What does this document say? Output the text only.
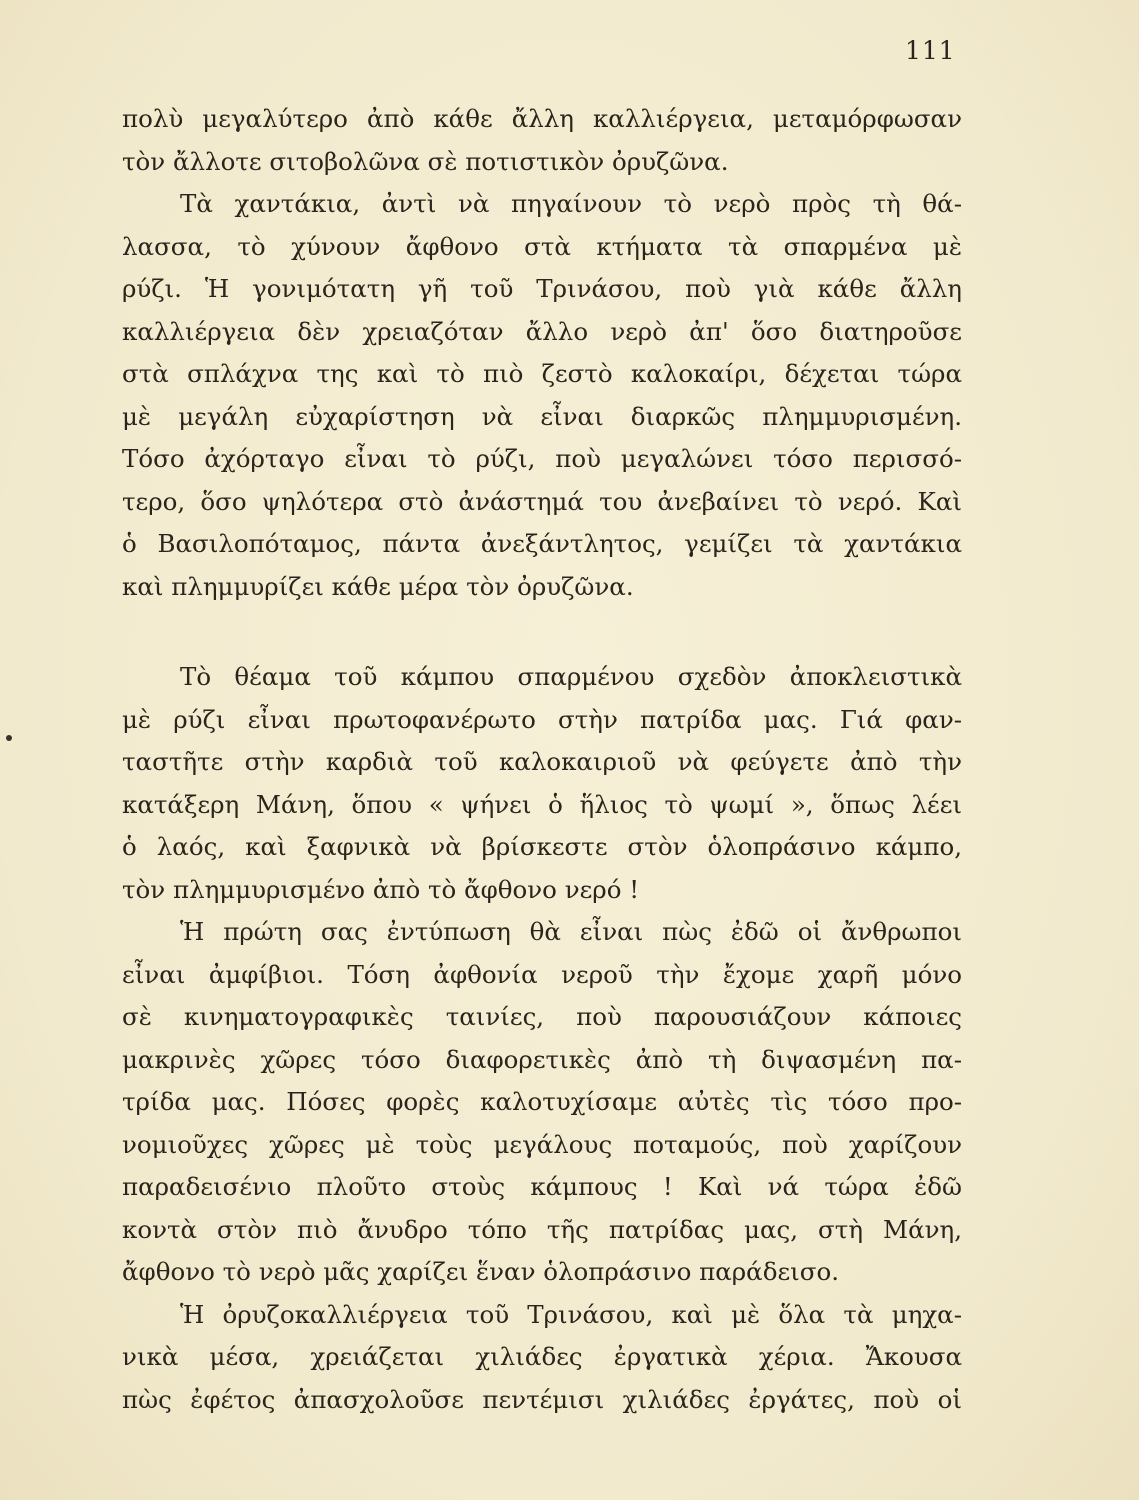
111
πολὺ μεγαλύτερο ἀπὸ κάθε ἄλλη καλλιέργεια, μεταμόρφωσαν
τὸν ἄλλοτε σιτοβολῶνα σὲ ποτιστικὸν ὀρυζῶνα.
Τὰ χαντάκια, ἀντὶ νὰ πηγαίνουν τὸ νερὸ πρὸς τὴ θά-
λασσα, τὸ χύνουν ἄφθονο στὰ κτήματα τὰ σπαρμένα μὲ
ρύζι. Ἡ γονιμότατη γῆ τοῦ Τρινάσου, ποὺ γιὰ κάθε ἄλλη
καλλιέργεια δὲν χρειαζόταν ἄλλο νερὸ ἀπ' ὅσο διατηροῦσε
στὰ σπλάχνα της καὶ τὸ πιὸ ζεστὸ καλοκαίρι, δέχεται τώρα
μὲ μεγάλη εὐχαρίστηση νὰ εἶναι διαρκῶς πλημμυρισμένη.
Τόσο ἀχόρταγο εἶναι τὸ ρύζι, ποὺ μεγαλώνει τόσο περισσό-
τερο, ὅσο ψηλότερα στὸ ἀνάστημά του ἀνεβαίνει τὸ νερό. Καὶ
ὁ Βασιλοπόταμος, πάντα ἀνεξάντλητος, γεμίζει τὰ χαντάκια
καὶ πλημμυρίζει κάθε μέρα τὸν ὀρυζῶνα.
Τὸ θέαμα τοῦ κάμπου σπαρμένου σχεδὸν ἀποκλειστικὰ
μὲ ρύζι εἶναι πρωτοφανέρωτο στὴν πατρίδα μας. Γιά φαν-
ταστῆτε στὴν καρδιὰ τοῦ καλοκαιριοῦ νὰ φεύγετε ἀπὸ τὴν
κατάξερη Μάνη, ὅπου « ψήνει ὁ ἥλιος τὸ ψωμί », ὅπως λέει
ὁ λαός, καὶ ξαφνικὰ νὰ βρίσκεστε στὸν ὁλοπράσινο κάμπο,
τὸν πλημμυρισμένο ἀπὸ τὸ ἄφθονο νερό !
Ἡ πρώτη σας ἐντύπωση θὰ εἶναι πὼς ἐδῶ οἱ ἄνθρωποι
εἶναι ἀμφίβιοι. Τόση ἀφθονία νεροῦ τὴν ἔχομε χαρῆ μόνο
σὲ κινηματογραφικὲς ταινίες, ποὺ παρουσιάζουν κάποιες
μακρινὲς χῶρες τόσο διαφορετικὲς ἀπὸ τὴ διψασμένη πα-
τρίδα μας. Πόσες φορὲς καλοτυχίσαμε αὐτὲς τὶς τόσο προ-
νομιοῦχες χῶρες μὲ τοὺς μεγάλους ποταμούς, ποὺ χαρίζουν
παραδεισένιο πλοῦτο στοὺς κάμπους ! Καὶ νά τώρα ἐδῶ
κοντὰ στὸν πιὸ ἄνυδρο τόπο τῆς πατρίδας μας, στὴ Μάνη,
ἄφθονο τὸ νερὸ μᾶς χαρίζει ἕναν ὁλοπράσινο παράδεισο.
Ἡ ὀρυζοκαλλιέργεια τοῦ Τρινάσου, καὶ μὲ ὅλα τὰ μηχα-
νικὰ μέσα, χρειάζεται χιλιάδες ἐργατικὰ χέρια. Ἄκουσα
πὼς ἐφέτος ἀπασχολοῦσε πεντέμισι χιλιάδες ἐργάτες, ποὺ οἱ
